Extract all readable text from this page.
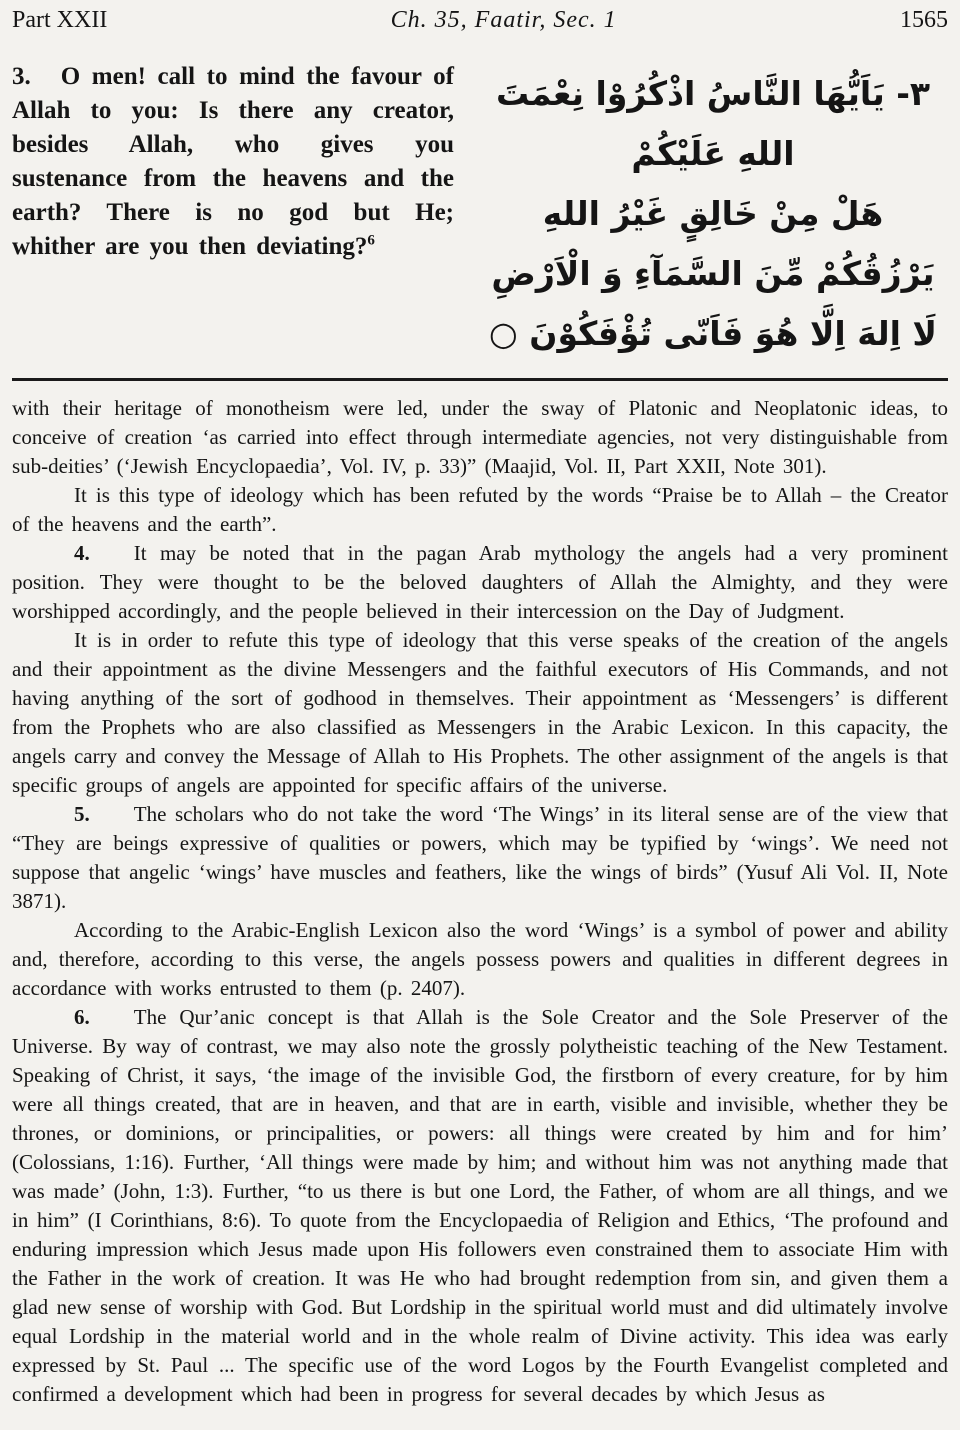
Part XXII	Ch. 35, Faatir, Sec. 1	1565
3. O men! call to mind the favour of Allah to you: Is there any creator, besides Allah, who gives you sustenance from the heavens and the earth? There is no god but He; whither are you then deviating?$^6$
٣- يَاَيُّهَا النَّاسُ اذْكُرُوْا نِعْمَتَ اللهِ عَلَيْكُمْ
هَلْ مِنْ خَالِقٍ غَيْرُ اللهِ
يَرْزُقُكُمْ مِّنَ السَّمَآءِ وَ الْاَرْضِ
لَا اِلهَ اِلَّا هُوَ فَاَنّى تُؤْفَكُوْنَ ○

with their heritage of monotheism were led, under the sway of Platonic and Neoplatonic ideas, to conceive of creation ‘as carried into effect through intermediate agencies, not very distinguishable from sub-deities’ (‘Jewish Encyclopaedia’, Vol. IV, p. 33)” (Maajid, Vol. II, Part XXII, Note 301).

It is this type of ideology which has been refuted by the words “Praise be to Allah – the Creator of the heavens and the earth”.

4. It may be noted that in the pagan Arab mythology the angels had a very prominent position. They were thought to be the beloved daughters of Allah the Almighty, and they were worshipped accordingly, and the people believed in their intercession on the Day of Judgment.

It is in order to refute this type of ideology that this verse speaks of the creation of the angels and their appointment as the divine Messengers and the faithful executors of His Commands, and not having anything of the sort of godhood in themselves. Their appointment as ‘Messengers’ is different from the Prophets who are also classified as Messengers in the Arabic Lexicon. In this capacity, the angels carry and convey the Message of Allah to His Prophets. The other assignment of the angels is that specific groups of angels are appointed for specific affairs of the universe.

5. The scholars who do not take the word ‘The Wings’ in its literal sense are of the view that “They are beings expressive of qualities or powers, which may be typified by ‘wings’. We need not suppose that angelic ‘wings’ have muscles and feathers, like the wings of birds” (Yusuf Ali Vol. II, Note 3871).

According to the Arabic-English Lexicon also the word ‘Wings’ is a symbol of power and ability and, therefore, according to this verse, the angels possess powers and qualities in different degrees in accordance with works entrusted to them (p. 2407).

6. The Qur’anic concept is that Allah is the Sole Creator and the Sole Preserver of the Universe. By way of contrast, we may also note the grossly polytheistic teaching of the New Testament. Speaking of Christ, it says, ‘the image of the invisible God, the firstborn of every creature, for by him were all things created, that are in heaven, and that are in earth, visible and invisible, whether they be thrones, or dominions, or principalities, or powers: all things were created by him and for him’ (Colossians, 1:16). Further, ‘All things were made by him; and without him was not anything made that was made’ (John, 1:3). Further, “to us there is but one Lord, the Father, of whom are all things, and we in him” (I Corinthians, 8:6). To quote from the Encyclopaedia of Religion and Ethics, ‘The profound and enduring impression which Jesus made upon His followers even constrained them to associate Him with the Father in the work of creation. It was He who had brought redemption from sin, and given them a glad new sense of worship with God. But Lordship in the spiritual world must and did ultimately involve equal Lordship in the material world and in the whole realm of Divine activity. This idea was early expressed by St. Paul ... The specific use of the word Logos by the Fourth Evangelist completed and confirmed a development which had been in progress for several decades by which Jesus as
